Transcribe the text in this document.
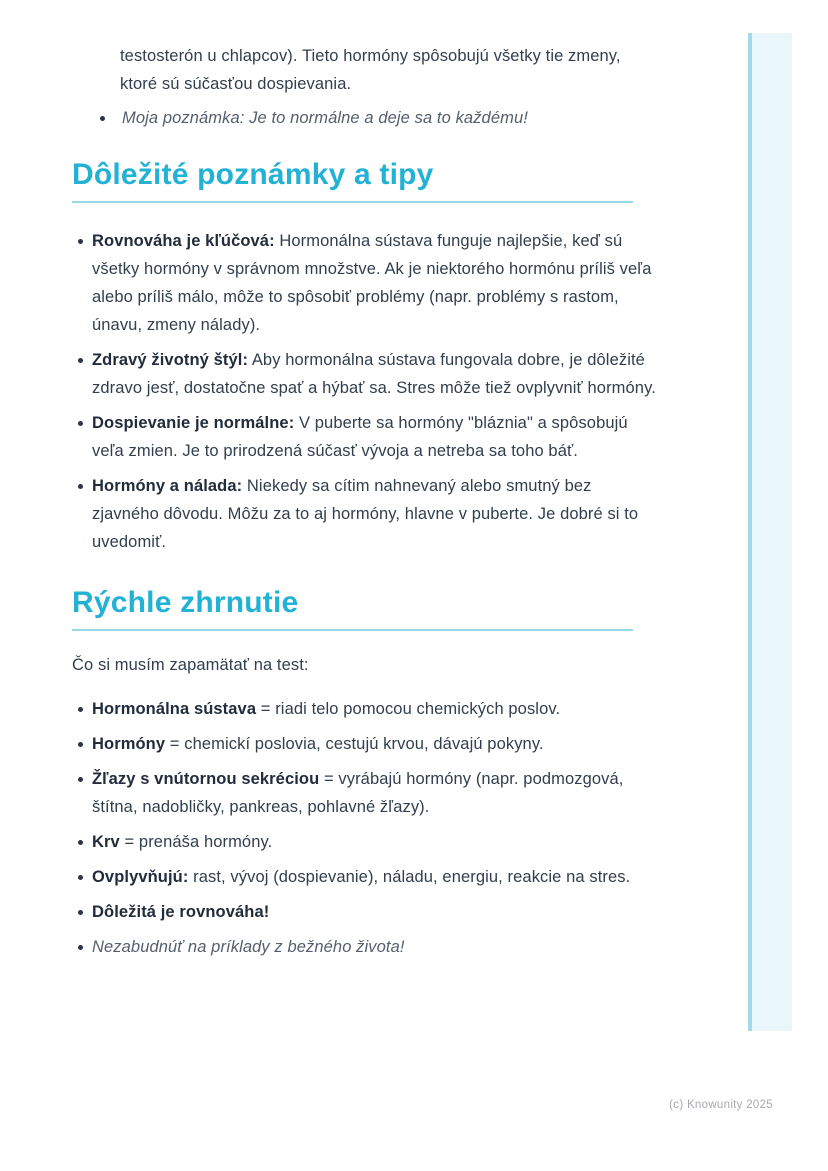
testosterón u chlapcov). Tieto hormóny spôsobujú všetky tie zmeny, ktoré sú súčasťou dospievania.

Moja poznámka: Je to normálne a deje sa to každému!

Dôležité poznámky a tipy

Rovnováha je kľúčová: Hormonálna sústava funguje najlepšie, keď sú všetky hormóny v správnom množstve. Ak je niektorého hormónu príliš veľa alebo príliš málo, môže to spôsobiť problémy (napr. problémy s rastom, únavu, zmeny nálady).

Zdravý životný štýl: Aby hormonálna sústava fungovala dobre, je dôležité zdravo jesť, dostatočne spať a hýbať sa. Stres môže tiež ovplyvniť hormóny.

Dospievanie je normálne: V puberte sa hormóny "bláznia" a spôsobujú veľa zmien. Je to prirodzená súčasť vývoja a netreba sa toho báť.

Hormóny a nálada: Niekedy sa cítim nahnevaný alebo smutný bez zjavného dôvodu. Môžu za to aj hormóny, hlavne v puberte. Je dobré si to uvedomiť.

Rýchle zhrnutie

Čo si musím zapamätať na test:

Hormonálna sústava = riadi telo pomocou chemických poslov.

Hormóny = chemickí poslovia, cestujú krvou, dávajú pokyny.

Žľazy s vnútornou sekréciou = vyrábajú hormóny (napr. podmozgová, štítna, nadobličky, pankreas, pohlavné žľazy).

Krv = prenáša hormóny.

Ovplyvňujú: rast, vývoj (dospievanie), náladu, energiu, reakcie na stres.

Dôležitá je rovnováha!

Nezabudnúť na príklady z bežného života!

(c) Knowunity 2025
